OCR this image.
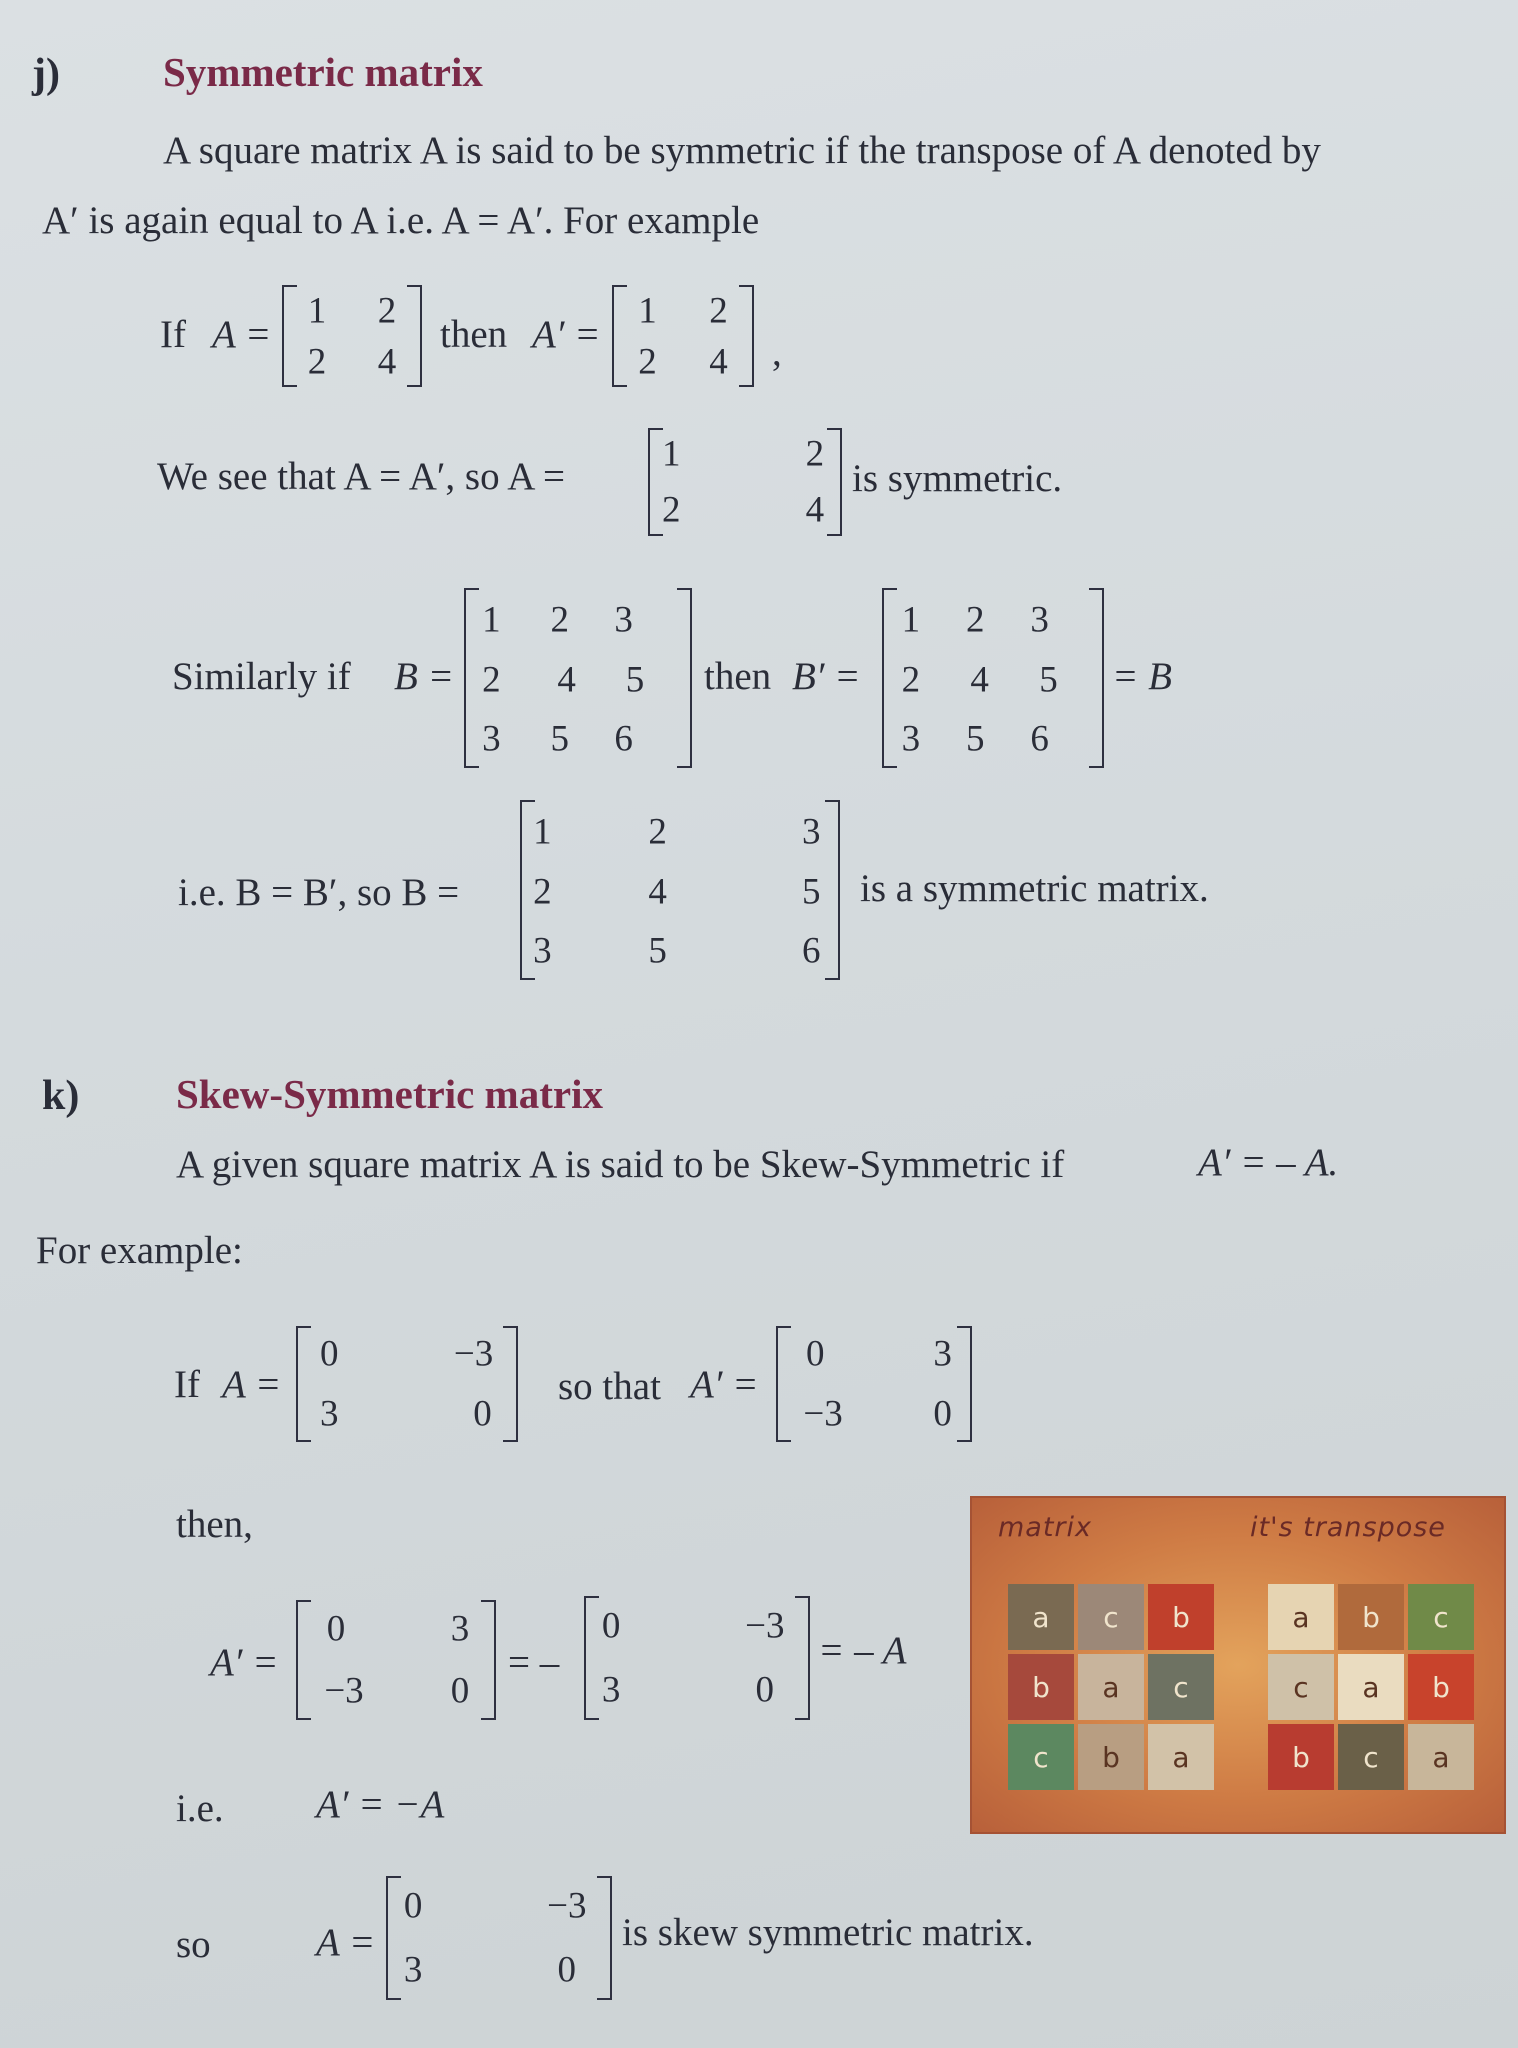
j)	Symmetric matrix
A square matrix A is said to be symmetric if the transpose of A denoted by
A′ is again equal to A i.e. A = A′. For example
If A =
1 2
2 4
then A′ =
1 2
2 4 ,
We see that A = A′, so A =
1	2
2	4
is symmetric.
Similarly if B =
1 2 3
2 4 5
3 5 6
then B′ =
1 2 3
2 4 5
3 5 6
= B
i.e. B = B′, so B =
1	2	3
2	4	5
3	5	6
is a symmetric matrix.
k) Skew-Symmetric matrix
A given square matrix A is said to be Skew-Symmetric if	A′ = – A.
For example:
If A =
0	−3
3	0
so that A′ =
0	3
−3 0
then,
A′ =
0	3
−3 0
= –
0	−3
3	0
= – A
i.e. A′ = −A
so	A =
0	−3
3	0
is skew symmetric matrix.
matrix	it's transpose
a	c	b
b	a	c
c	b	a
a	b	c
c	a	b
b	c	a
